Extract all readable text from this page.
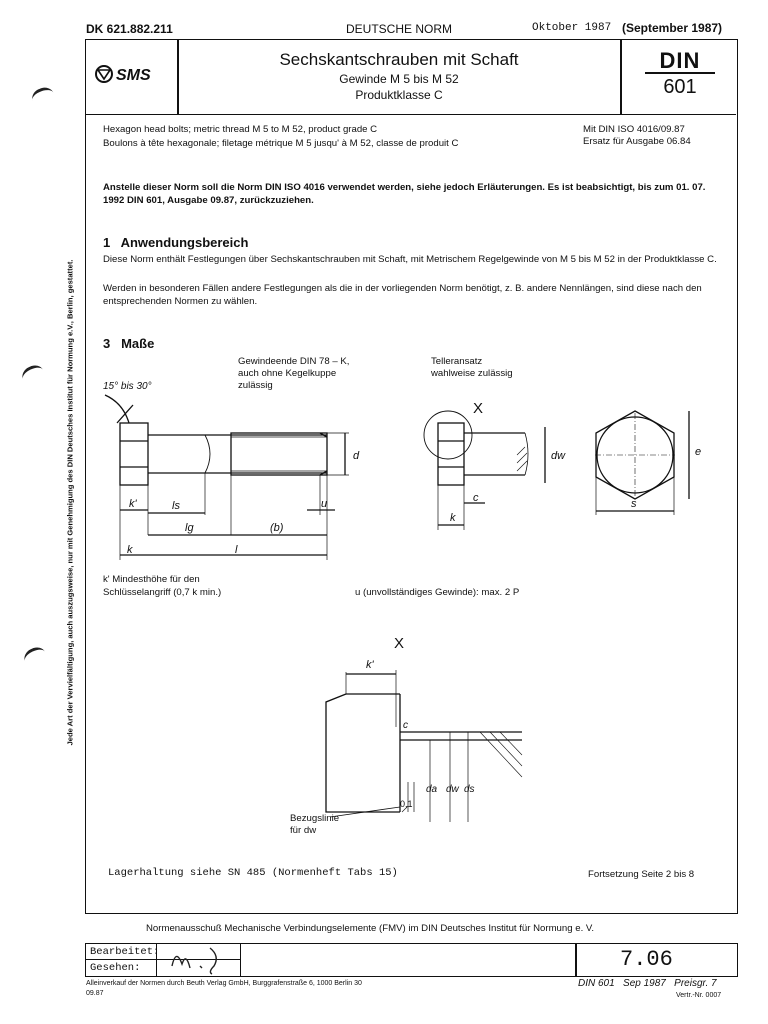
DK 621.882.211	DEUTSCHE NORM	Oktober 1987 (September 1987)
SMS
Sechskantschrauben mit Schaft
Gewinde M 5 bis M 52
Produktklasse C
DIN
601
Hexagon head bolts; metric thread M 5 to M 52, product grade C
Boulons à tête hexagonale; filetage métrique M 5 jusqu' à M 52, classe de produit C
Mit DIN ISO 4016/09.87
Ersatz für Ausgabe 06.84
Anstelle dieser Norm soll die Norm DIN ISO 4016 verwendet werden, siehe jedoch Erläuterungen. Es ist beabsichtigt, bis zum 01. 07. 1992 DIN 601, Ausgabe 09.87, zurückzuziehen.
1   Anwendungsbereich
Diese Norm enthält Festlegungen über Sechskantschrauben mit Schaft, mit Metrischem Regelgewinde von M 5 bis M 52 in der Produktklasse C.
Werden in besonderen Fällen andere Festlegungen als die in der vorliegenden Norm benötigt, z. B. andere Nennlängen, sind diese nach den entsprechenden Normen zu wählen.
3   Maße
Gewindeende DIN 78 – K,
auch ohne Kegelkuppe
zulässig
Telleransatz
wahlweise zulässig
15° bis 30°
X
d
k'	ls
lg	(b)
u
k	l
c
k
dw	e
s
k' Mindesthöhe für den
Schlüsselangriff (0,7 k min.)	u (unvollständiges Gewinde): max. 2 P
X
k'
c
0,1
da dw ds
Bezugslinie
für dw
Lagerhaltung siehe SN 485 (Normenheft Tabs 15)	Fortsetzung Seite 2 bis 8
Normenausschuß Mechanische Verbindungselemente (FMV) im DIN Deutsches Institut für Normung e. V.
Bearbeitet:
Gesehen:	7.06
Alleinverkauf der Normen durch Beuth Verlag GmbH, Burggrafenstraße 6, 1000 Berlin 30
09.87
DIN 601   Sep 1987   Preisgr. 7
Vertr.-Nr. 0007
Jede Art der Vervielfältigung, auch auszugsweise, nur mit Genehmigung des DIN Deutsches Institut für Normung e.V., Berlin, gestattet.
